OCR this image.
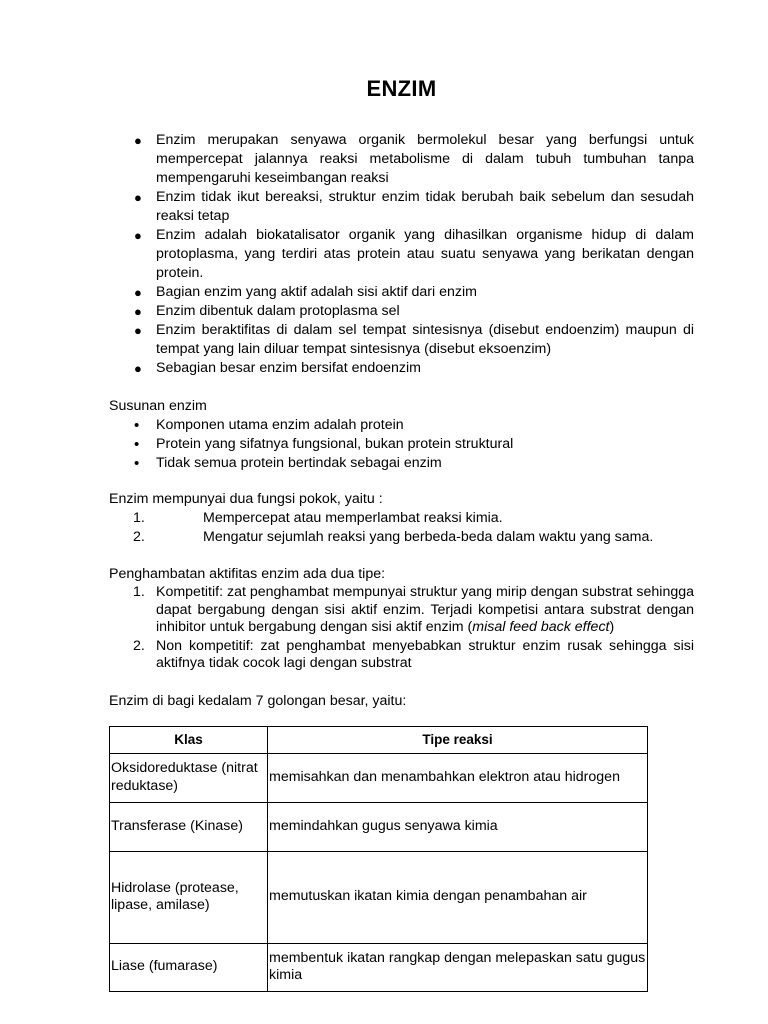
ENZIM
● Enzim merupakan senyawa organik bermolekul besar yang berfungsi untuk mempercepat jalannya reaksi metabolisme di dalam tubuh tumbuhan tanpa mempengaruhi keseimbangan reaksi
● Enzim tidak ikut bereaksi, struktur enzim tidak berubah baik sebelum dan sesudah reaksi tetap
● Enzim adalah biokatalisator organik yang dihasilkan organisme hidup di dalam protoplasma, yang terdiri atas protein atau suatu senyawa yang berikatan dengan protein.
● Bagian enzim yang aktif adalah sisi aktif dari enzim
● Enzim dibentuk dalam protoplasma sel
● Enzim beraktifitas di dalam sel tempat sintesisnya (disebut endoenzim) maupun di tempat yang lain diluar tempat sintesisnya (disebut eksoenzim)
● Sebagian besar enzim bersifat endoenzim

Susunan enzim

• Komponen utama enzim adalah protein
• Protein yang sifatnya fungsional, bukan protein struktural
• Tidak semua protein bertindak sebagai enzim

Enzim mempunyai dua fungsi pokok, yaitu :

1.	Mempercepat atau memperlambat reaksi kimia.
2.	Mengatur sejumlah reaksi yang berbeda-beda dalam waktu yang sama.

Penghambatan aktifitas enzim ada dua tipe:

1. Kompetitif: zat penghambat mempunyai struktur yang mirip dengan substrat sehingga dapat bergabung dengan sisi aktif enzim. Terjadi kompetisi antara substrat dengan inhibitor untuk bergabung dengan sisi aktif enzim (misal feed back effect)
2. Non kompetitif: zat penghambat menyebabkan struktur enzim rusak sehingga sisi aktifnya tidak cocok lagi dengan substrat

Enzim di bagi kedalam 7 golongan besar, yaitu:

Klas	Tipe reaksi
Oksidoreduktase (nitrat reduktase)	memisahkan dan menambahkan elektron atau hidrogen
Transferase (Kinase)	memindahkan gugus senyawa kimia
Hidrolase (protease, lipase, amilase)	memutuskan ikatan kimia dengan penambahan air
Liase (fumarase)	membentuk ikatan rangkap dengan melepaskan satu gugus kimia
